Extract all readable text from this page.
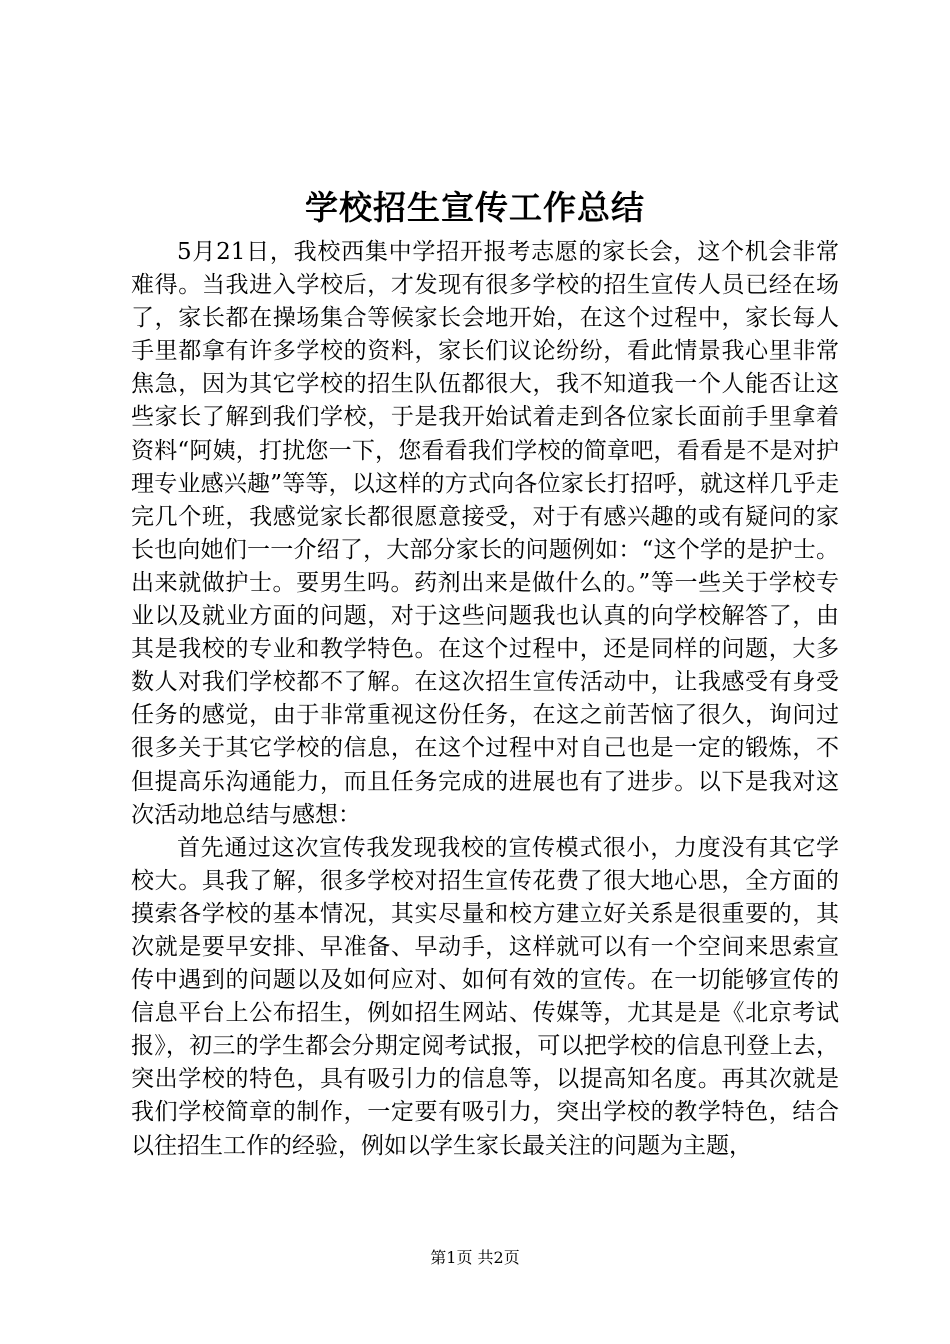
学校招生宣传工作总结

5月21日，我校西集中学招开报考志愿的家长会，这个机会非常难得。当我进入学校后，才发现有很多学校的招生宣传人员已经在场了，家长都在操场集合等候家长会地开始，在这个过程中，家长每人手里都拿有许多学校的资料，家长们议论纷纷，看此情景我心里非常焦急，因为其它学校的招生队伍都很大，我不知道我一个人能否让这些家长了解到我们学校，于是我开始试着走到各位家长面前手里拿着资料“阿姨，打扰您一下，您看看我们学校的简章吧，看看是不是对护理专业感兴趣”等等，以这样的方式向各位家长打招呼，就这样几乎走完几个班，我感觉家长都很愿意接受，对于有感兴趣的或有疑问的家长也向她们一一介绍了，大部分家长的问题例如：“这个学的是护士。出来就做护士。要男生吗。药剂出来是做什么的。”等一些关于学校专业以及就业方面的问题，对于这些问题我也认真的向学校解答了，由其是我校的专业和教学特色。在这个过程中，还是同样的问题，大多数人对我们学校都不了解。在这次招生宣传活动中，让我感受有身受任务的感觉，由于非常重视这份任务，在这之前苦恼了很久，询问过很多关于其它学校的信息，在这个过程中对自己也是一定的锻炼，不但提高乐沟通能力，而且任务完成的进展也有了进步。以下是我对这次活动地总结与感想：

首先通过这次宣传我发现我校的宣传模式很小，力度没有其它学校大。具我了解，很多学校对招生宣传花费了很大地心思，全方面的摸索各学校的基本情况，其实尽量和校方建立好关系是很重要的，其次就是要早安排、早准备、早动手，这样就可以有一个空间来思索宣传中遇到的问题以及如何应对、如何有效的宣传。在一切能够宣传的信息平台上公布招生，例如招生网站、传媒等，尤其是是《北京考试报》，初三的学生都会分期定阅考试报，可以把学校的信息刊登上去，突出学校的特色，具有吸引力的信息等，以提高知名度。再其次就是我们学校简章的制作，一定要有吸引力，突出学校的教学特色，结合以往招生工作的经验，例如以学生家长最关注的问题为主题，

第1页 共2页
